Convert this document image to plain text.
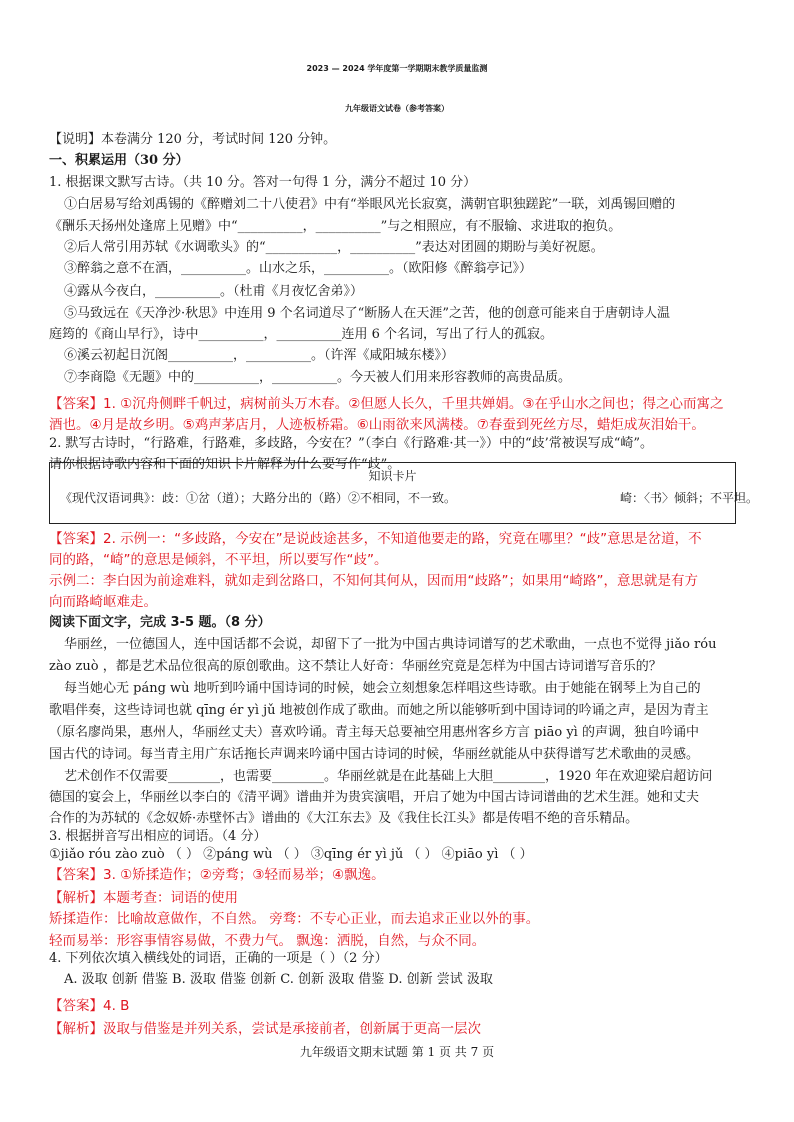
2023 — 2024 学年度第一学期期末教学质量监测
九年级语文试卷（参考答案）
【说明】本卷满分 120 分，考试时间 120 分钟。
一、积累运用（30 分）
1. 根据课文默写古诗。（共 10 分。答对一句得 1 分，满分不超过 10 分）
①白居易写给刘禹锡的《醉赠刘二十八使君》中有“举眼风光长寂寞，满朝官职独蹉跎”一联，刘禹锡回赠的
《酬乐天扬州处逢席上见赠》中“__________，__________”与之相照应，有不服输、求进取的抱负。
②后人常引用苏轼《水调歌头》的“___________，__________”表达对团圆的期盼与美好祝愿。
③醉翁之意不在酒，__________。山水之乐，__________。（欧阳修《醉翁亭记》）
④露从今夜白，__________。（杜甫《月夜忆舍弟》）
⑤马致远在《天净沙·秋思》中连用 9 个名词道尽了“断肠人在天涯”之苦，他的创意可能来自于唐朝诗人温
庭筠的《商山早行》，诗中__________，__________连用 6 个名词，写出了行人的孤寂。
⑥溪云初起日沉阁__________，__________。（许浑《咸阳城东楼》）
⑦李商隐《无题》中的__________，__________。今天被人们用来形容教师的高贵品质。
【答案】1. ①沉舟侧畔千帆过，病树前头万木春。②但愿人长久，千里共婵娟。③在乎山水之间也；得之心而寓之
酒也。④月是故乡明。⑤鸡声茅店月，人迹板桥霜。⑥山雨欲来风满楼。⑦春蚕到死丝方尽，蜡炬成灰泪始干。
2. 默写古诗时，“行路难，行路难，多歧路，今安在？”（李白《行路难·其一》）中的“歧’常被误写成“崎”。
请你根据诗歌内容和下面的知识卡片解释为什么要写作“歧”。
【答案】2. 示例一：“多歧路，今安在”是说歧途甚多，不知道他要走的路，究竟在哪里？“歧”意思是岔道，不
同的路，“崎”的意思是倾斜，不平坦，所以要写作“歧”。
示例二：李白因为前途难料，就如走到岔路口，不知何其何从，因而用“歧路”；如果用“崎路”，意思就是有方
向而路崎岖难走。
阅读下面文字，完成 3-5 题。（8 分）
华丽丝，一位德国人，连中国话都不会说，却留下了一批为中国古典诗词谱写的艺术歌曲，一点也不觉得 jiǎo róu
zào zuò ，都是艺术品位很高的原创歌曲。这不禁让人好奇：华丽丝究竟是怎样为中国古诗词谱写音乐的？
每当她心无 páng wù 地听到吟诵中国诗词的时候，她会立刻想象怎样唱这些诗歌。由于她能在钢琴上为自己的
歌唱伴奏，这些诗词也就 qīng ér yì jǔ 地被创作成了歌曲。而她之所以能够听到中国诗词的吟诵之声，是因为青主
（原名廖尚果，惠州人，华丽丝丈夫）喜欢吟诵。青主每天总要袖空用惠州客乡方言 piāo yì 的声调，独自吟诵中
国古代的诗词。每当青主用广东话拖长声调来吟诵中国古诗词的时候，华丽丝就能从中获得谱写艺术歌曲的灵感。
艺术创作不仅需要________，也需要________。华丽丝就是在此基础上大胆________，1920 年在欢迎梁启超访问
德国的宴会上，华丽丝以李白的《清平调》谱曲并为贵宾演唱，开启了她为中国古诗词谱曲的艺术生涯。她和丈夫
合作的为苏轼的《念奴娇·赤壁怀古》谱曲的《大江东去》及《我住长江头》都是传唱不绝的音乐精品。
3. 根据拼音写出相应的词语。（4 分）
①jiǎo róu zào zuò （ ） ②páng wù （ ） ③qīng ér yì jǔ （ ） ④piāo yì （ ）
【答案】3. ①矫揉造作；②旁骛；③轻而易举；④飘逸。
【解析】本题考查：词语的使用
矫揉造作：比喻故意做作，不自然。 旁骛：不专心正业，而去追求正业以外的事。
轻而易举：形容事情容易做，不费力气。 飘逸：洒脱，自然，与众不同。
4. 下列依次填入横线处的词语，正确的一项是（ ）（2 分）
A. 汲取 创新 借鉴 B. 汲取 借鉴 创新 C. 创新 汲取 借鉴 D. 创新 尝试 汲取
【答案】4. B
【解析】汲取与借鉴是并列关系，尝试是承接前者，创新属于更高一层次
知识卡片
《现代汉语词典》：歧：①岔（道）；大路分出的（路）②不相同，不一致。	崎：〈书〉倾斜；不平坦。
九年级语文期末试题 第 1 页 共 7 页
